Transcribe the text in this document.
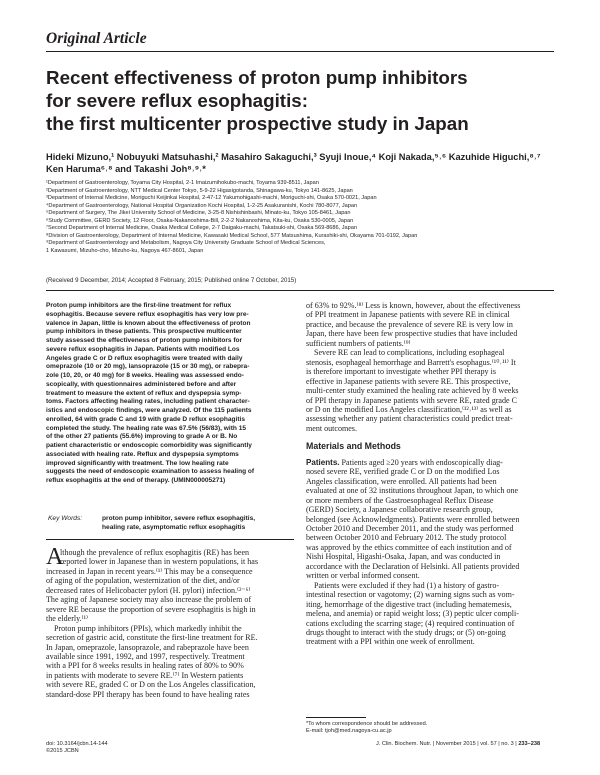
Original Article
Recent effectiveness of proton pump inhibitors
for severe reflux esophagitis:
the first multicenter prospective study in Japan
Hideki Mizuno,¹ Nobuyuki Matsuhashi,² Masahiro Sakaguchi,³ Syuji Inoue,⁴ Koji Nakada,⁵˒⁶ Kazuhide Higuchi,⁸˒⁷
Ken Haruma⁶˒⁸ and Takashi Joh⁸˒⁹˒*
¹Department of Gastroenterology, Toyama City Hospital, 2-1 Imaizumihokubo-machi, Toyama 939-8511, Japan
²Department of Gastroenterology, NTT Medical Center Tokyo, 5-9-22 Higasigotanda, Shinagawa-ku, Tokyo 141-8625, Japan
³Department of Internal Medicine, Moriguchi Keijinkai Hospital, 2-47-12 Yakumohigashi-machi, Moriguchi-shi, Osaka 570-0021, Japan
⁴Department of Gastroenterology, National Hospital Organization Kochi Hospital, 1-2-25 Asakuranishi, Kochi 780-8077, Japan
⁵Department of Surgery, The Jikei University School of Medicine, 3-25-8 Nishishinbashi, Minato-ku, Tokyo 105-8461, Japan
⁶Study Committee, GERD Society, 12 Floor, Osaka-Nakanoshima-Bill, 2-2-2 Nakanoshima, Kita-ku, Osaka 530-0005, Japan
⁷Second Department of Internal Medicine, Osaka Medical College, 2-7 Daigaku-machi, Takatsuki-shi, Osaka 569-8686, Japan
⁸Division of Gastroenterology, Department of Internal Medicine, Kawasaki Medical School, 577 Matsushima, Kurashiki-shi, Okayama 701-0192, Japan
⁹Department of Gastroenterology and Metabolism, Nagoya City University Graduate School of Medical Sciences,
1 Kawasumi, Mizuho-cho, Mizuho-ku, Nagoya 467-8601, Japan
(Received 9 December, 2014; Accepted 8 February, 2015; Published online 7 October, 2015)
Proton pump inhibitors are the first-line treatment for reflux
esophagitis. Because severe reflux esophagitis has very low pre-
valence in Japan, little is known about the effectiveness of proton
pump inhibitors in these patients. This prospective multicenter
study assessed the effectiveness of proton pump inhibitors for
severe reflux esophagitis in Japan. Patients with modified Los
Angeles grade C or D reflux esophagitis were treated with daily
omeprazole (10 or 20 mg), lansoprazole (15 or 30 mg), or rabepra-
zole (10, 20, or 40 mg) for 8 weeks. Healing was assessed endo-
scopically, with questionnaires administered before and after
treatment to measure the extent of reflux and dyspepsia symp-
toms. Factors affecting healing rates, including patient character-
istics and endoscopic findings, were analyzed. Of the 115 patients
enrolled, 64 with grade C and 19 with grade D reflux esophagitis
completed the study. The healing rate was 67.5% (56/83), with 15
of the other 27 patients (55.6%) improving to grade A or B. No
patient characteristic or endoscopic comorbidity was significantly
associated with healing rate. Reflux and dyspepsia symptoms
improved significantly with treatment. The low healing rate
suggests the need of endoscopic examination to assess healing of
reflux esophagitis at the end of therapy. (UMIN000005271)
Key Words:	proton pump inhibitor, severe reflux esophagitis,
healing rate, asymptomatic reflux esophagitis
A
lthough the prevalence of reflux esophagitis (RE) has been
reported lower in Japanese than in western populations, it has
increased in Japan in recent years.⁽¹⁾ This may be a consequence
of aging of the population, westernization of the diet, and/or
decreased rates of Helicobacter pylori (H. pylori) infection.⁽²⁻⁶⁾
The aging of Japanese society may also increase the problem of
severe RE because the proportion of severe esophagitis is high in
the elderly.⁽¹⁾
Proton pump inhibitors (PPIs), which markedly inhibit the
secretion of gastric acid, constitute the first-line treatment for RE.
In Japan, omeprazole, lansoprazole, and rabeprazole have been
available since 1991, 1992, and 1997, respectively. Treatment
with a PPI for 8 weeks results in healing rates of 80% to 90%
in patients with moderate to severe RE.⁽⁷⁾ In Western patients
with severe RE, graded C or D on the Los Angeles classification,
standard-dose PPI therapy has been found to have healing rates
of 63% to 92%.⁽⁸⁾ Less is known, however, about the effectiveness
of PPI treatment in Japanese patients with severe RE in clinical
practice, and because the prevalence of severe RE is very low in
Japan, there have been few prospective studies that have included
sufficient numbers of patients.⁽⁹⁾
Severe RE can lead to complications, including esophageal
stenosis, esophageal hemorrhage and Barrett's esophagus.⁽¹⁰˒¹¹⁾ It
is therefore important to investigate whether PPI therapy is
effective in Japanese patients with severe RE. This prospective,
multi-center study examined the healing rate achieved by 8 weeks
of PPI therapy in Japanese patients with severe RE, rated grade C
or D on the modified Los Angeles classification,⁽¹²˒¹³⁾ as well as
assessing whether any patient characteristics could predict treat-
ment outcomes.
Materials and Methods
Patients. Patients aged ≥20 years with endoscopically diag-
nosed severe RE, verified grade C or D on the modified Los
Angeles classification, were enrolled. All patients had been
evaluated at one of 32 institutions throughout Japan, to which one
or more members of the Gastroesophageal Reflux Disease
(GERD) Society, a Japanese collaborative research group,
belonged (see Acknowledgments). Patients were enrolled between
October 2010 and December 2011, and the study was performed
between October 2010 and February 2012. The study protocol
was approved by the ethics committee of each institution and of
Nishi Hospital, Higashi-Osaka, Japan, and was conducted in
accordance with the Declaration of Helsinki. All patients provided
written or verbal informed consent.
Patients were excluded if they had (1) a history of gastro-
intestinal resection or vagotomy; (2) warning signs such as vom-
iting, hemorrhage of the digestive tract (including hematemesis,
melena, and anemia) or rapid weight loss; (3) peptic ulcer compli-
cations excluding the scarring stage; (4) required continuation of
drugs thought to interact with the study drugs; or (5) on-going
treatment with a PPI within one week of enrollment.
*To whom correspondence should be addressed.
E-mail: tjoh@med.nagoya-cu.ac.jp
doi: 10.3164/jcbn.14-144
©2015 JCBN
J. Clin. Biochem. Nutr. | November 2015 | vol. 57 | no. 3 | 233–238
